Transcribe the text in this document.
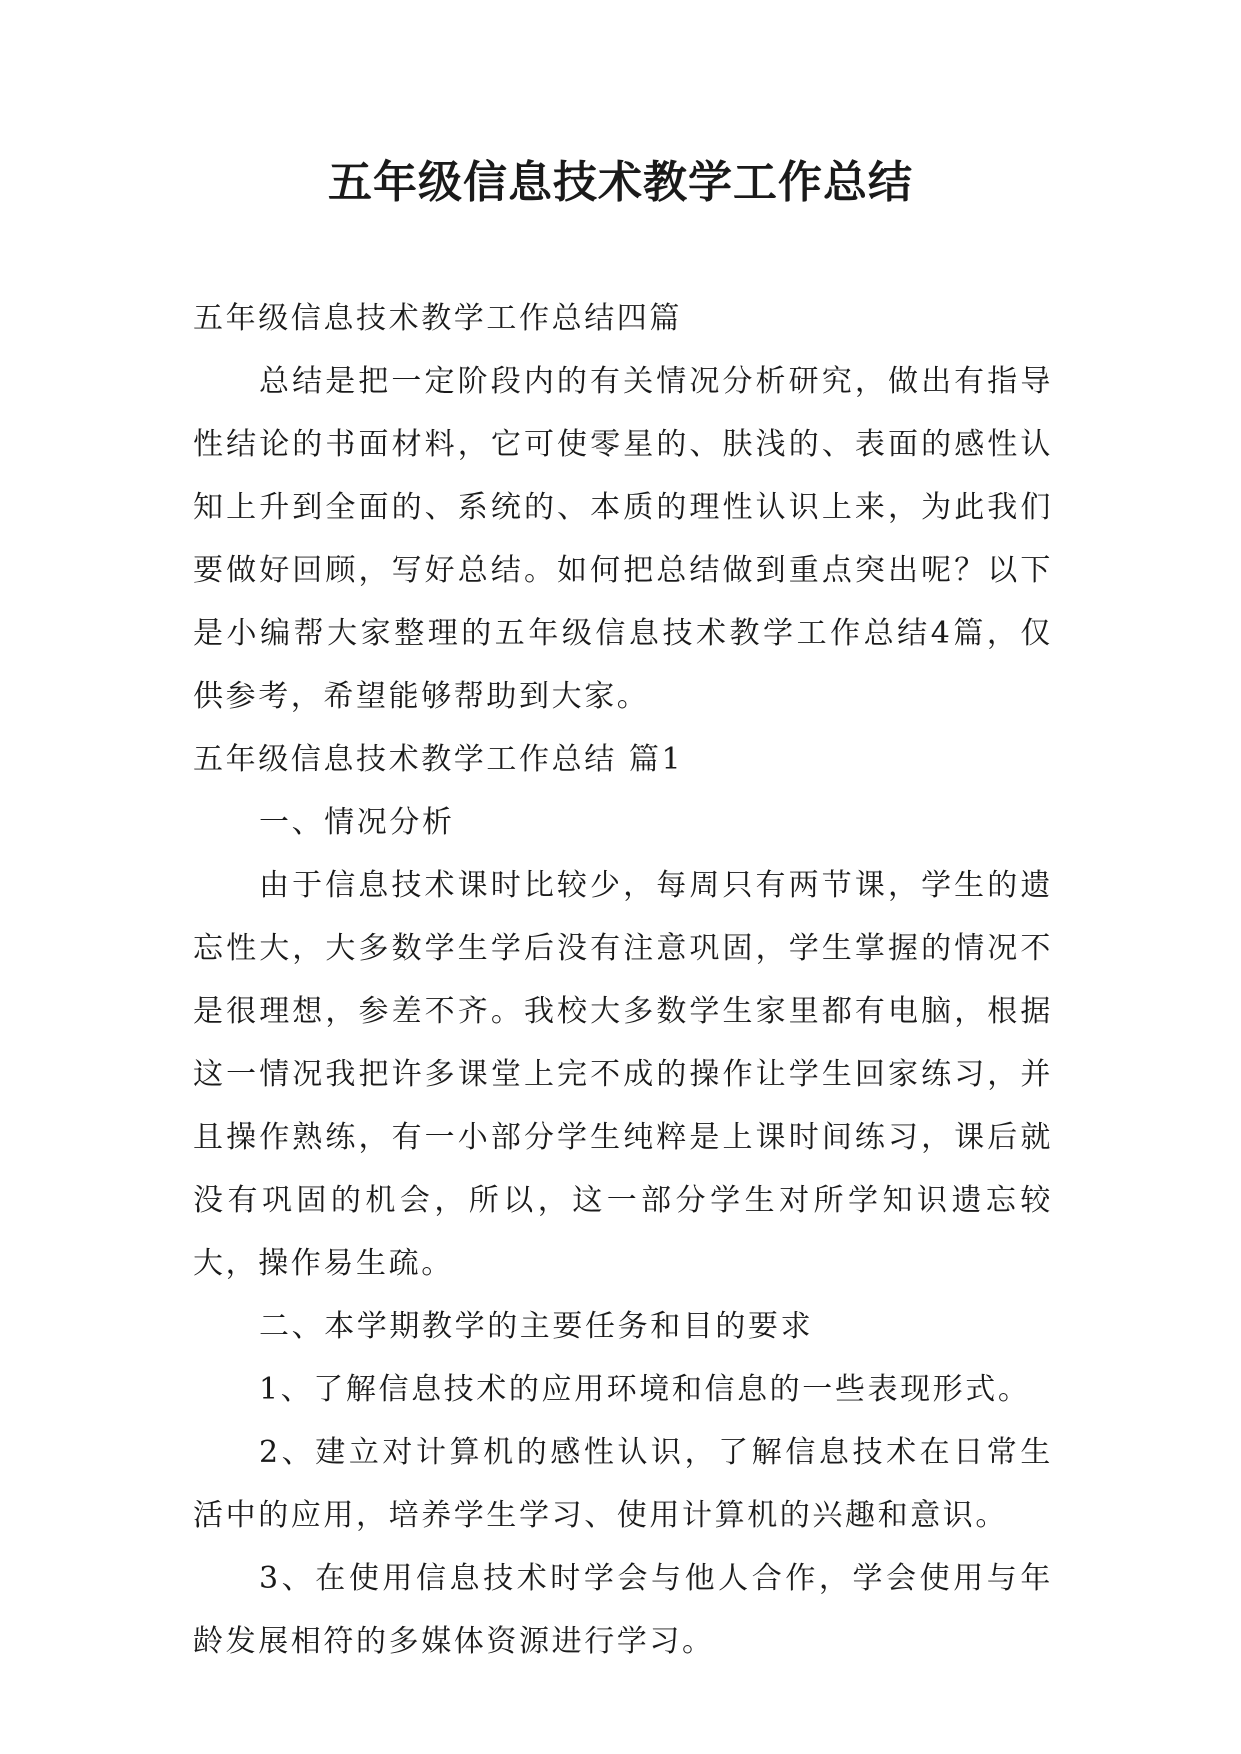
五年级信息技术教学工作总结

五年级信息技术教学工作总结四篇

总结是把一定阶段内的有关情况分析研究，做出有指导性结论的书面材料，它可使零星的、肤浅的、表面的感性认知上升到全面的、系统的、本质的理性认识上来，为此我们要做好回顾，写好总结。如何把总结做到重点突出呢？以下是小编帮大家整理的五年级信息技术教学工作总结4篇，仅供参考，希望能够帮助到大家。

五年级信息技术教学工作总结 篇1

一、情况分析

由于信息技术课时比较少，每周只有两节课，学生的遗忘性大，大多数学生学后没有注意巩固，学生掌握的情况不是很理想，参差不齐。我校大多数学生家里都有电脑，根据这一情况我把许多课堂上完不成的操作让学生回家练习，并且操作熟练，有一小部分学生纯粹是上课时间练习，课后就没有巩固的机会，所以，这一部分学生对所学知识遗忘较大，操作易生疏。

二、本学期教学的主要任务和目的要求

1、了解信息技术的应用环境和信息的一些表现形式。

2、建立对计算机的感性认识，了解信息技术在日常生活中的应用，培养学生学习、使用计算机的兴趣和意识。

3、在使用信息技术时学会与他人合作，学会使用与年龄发展相符的多媒体资源进行学习。
